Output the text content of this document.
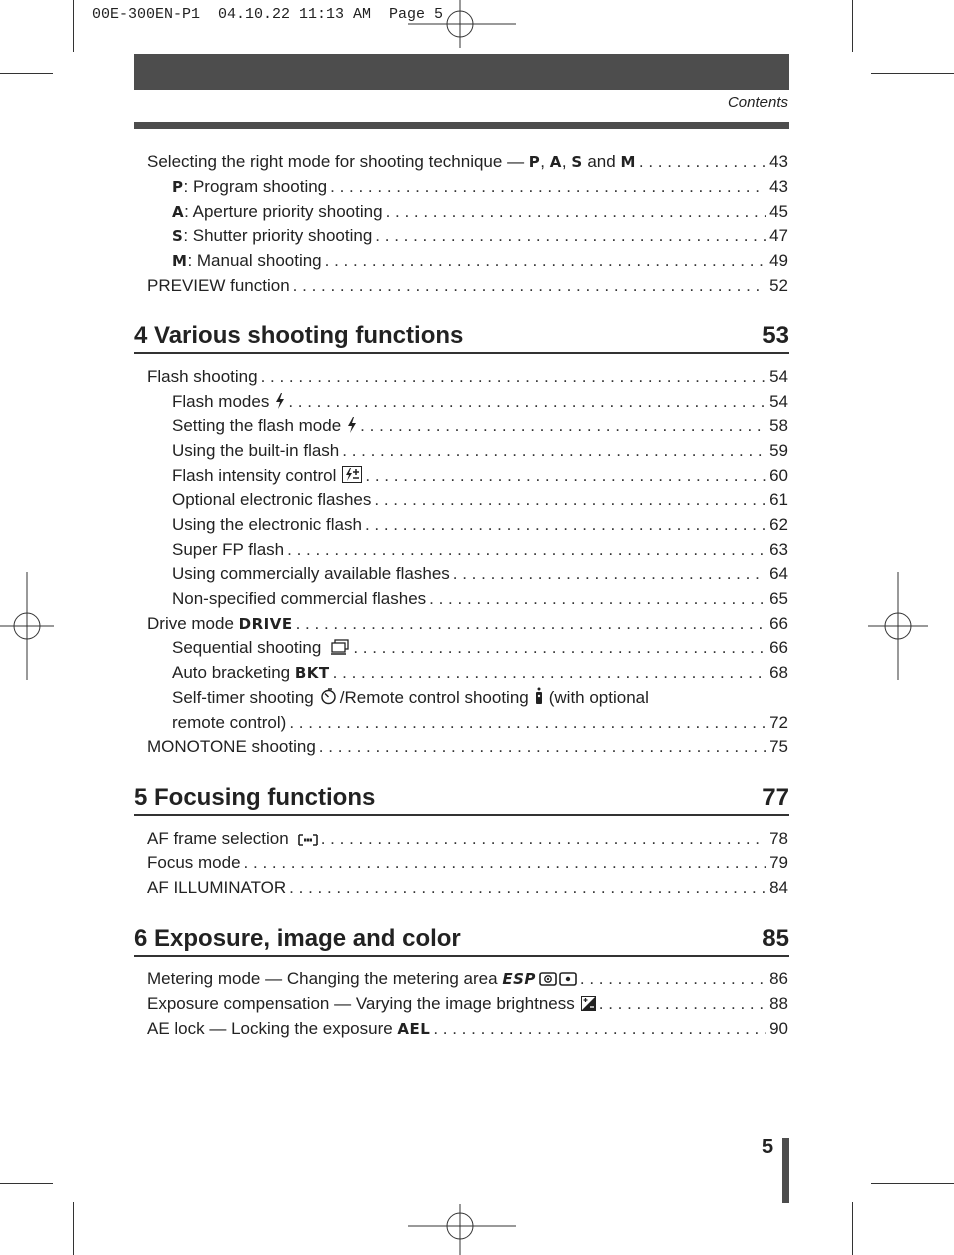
00E-300EN-P1  04.10.22 11:13 AM  Page 5
Contents
Selecting the right mode for shooting technique — P, A, S and M . . .	43
P: Program shooting . . .	43
A: Aperture priority shooting . . .	45
S: Shutter priority shooting . . .	47
M: Manual shooting . . .	49
PREVIEW function . . .	52
4 Various shooting functions	53
Flash shooting . . .	54
Flash modes . . .	54
Setting the flash mode . . .	58
Using the built-in flash . . .	59
Flash intensity control . . .	60
Optional electronic flashes . . .	61
Using the electronic flash . . .	62
Super FP flash . . .	63
Using commercially available flashes . . .	64
Non-specified commercial flashes . . .	65
Drive mode DRIVE . . .	66
Sequential shooting . . .	66
Auto bracketing BKT . . .	68
Self-timer shooting /Remote control shooting (with optional
remote control) . . .	72
MONOTONE shooting . . .	75
5 Focusing functions	77
AF frame selection . . .	78
Focus mode . . .	79
AF ILLUMINATOR . . .	84
6 Exposure, image and color	85
Metering mode — Changing the metering area ESP . . .	86
Exposure compensation — Varying the image brightness . . .	88
AE lock — Locking the exposure AEL . . .	90
5
